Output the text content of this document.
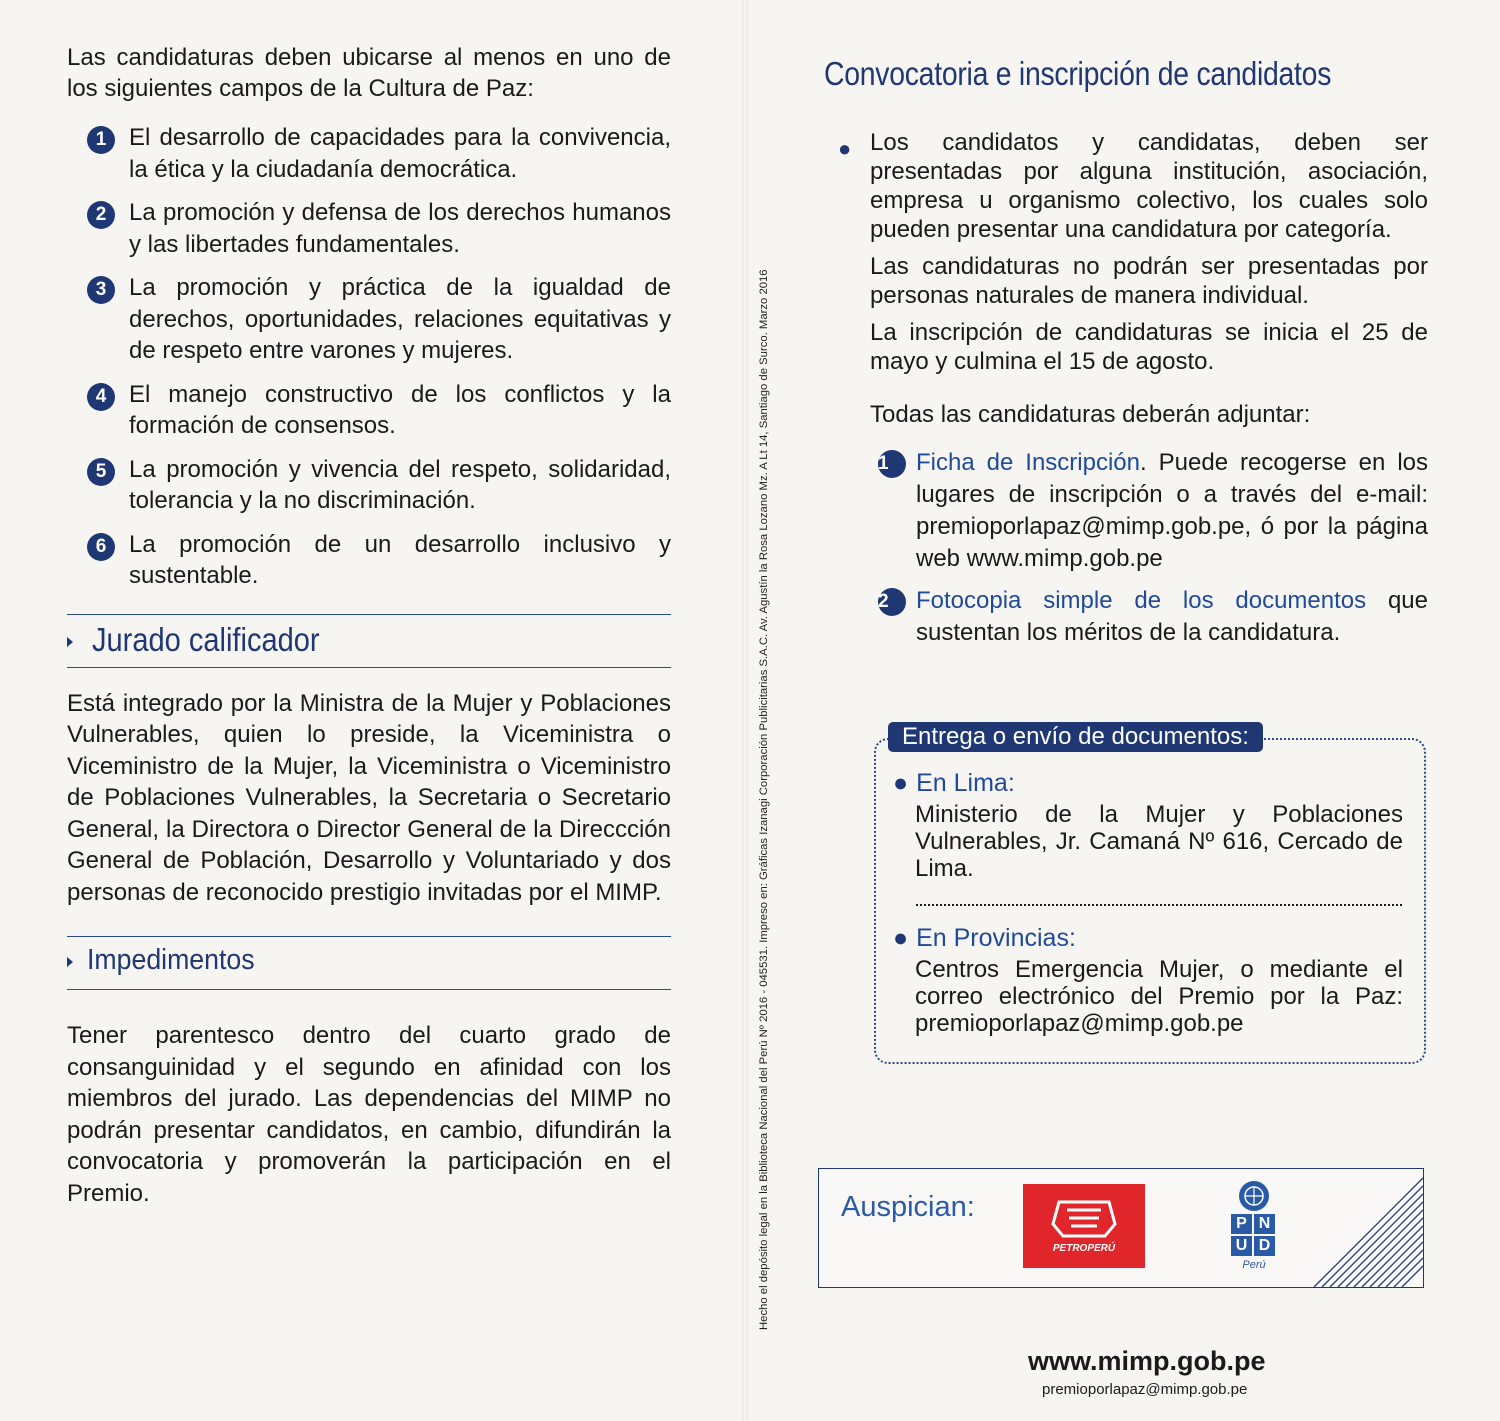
Las candidaturas deben ubicarse al menos en uno de los siguientes campos de la Cultura de Paz:

1 El desarrollo de capacidades para la convivencia, la ética y la ciudadanía democrática.
2 La promoción y defensa de los derechos humanos y las libertades fundamentales.
3 La promoción y práctica de la igualdad de derechos, oportunidades, relaciones equitativas y de respeto entre varones y mujeres.
4 El manejo constructivo de los conflictos y la formación de consensos.
5 La promoción y vivencia del respeto, solidaridad, tolerancia y la no discriminación.
6 La promoción de un desarrollo inclusivo y sustentable.
Jurado calificador

Está integrado por la Ministra de la Mujer y Poblaciones Vulnerables, quien lo preside, la Viceministra o Viceministro de la Mujer, la Viceministra o Viceministro de Poblaciones Vulnerables, la Secretaria o Secretario General, la Directora o Director General de la Direccción General de Población, Desarrollo y Voluntariado y dos personas de reconocido prestigio invitadas por el MIMP.

Impedimentos

Tener parentesco dentro del cuarto grado de consanguinidad y el segundo en afinidad con los miembros del jurado. Las dependencias del MIMP no podrán presentar candidatos, en cambio, difundirán la convocatoria y promoverán la participación en el Premio.	Hecho el depósito legal en la Biblioteca Nacional del Perú Nº 2016 - 045531. Impreso en: Gráficas Izanagi Corporación Publicitarias S.A.C. Av. Agustín la Rosa Lozano Mz. A Lt 14, Santiago de Surco. Marzo 2016
Convocatoria e inscripción de candidatos
● Los candidatos y candidatas, deben ser presentadas por alguna institución, asociación, empresa u organismo colectivo, los cuales solo pueden presentar una candidatura por categoría.

Las candidaturas no podrán ser presentadas por personas naturales de manera individual.

La inscripción de candidaturas se inicia el 25 de mayo y culmina el 15 de agosto.

Todas las candidaturas deberán adjuntar:

1	Ficha de Inscripción. Puede recogerse en los lugares de inscripción o a través del e-mail: premioporlapaz@mimp.gob.pe, ó por la página web www.mimp.gob.pe
2	Fotocopia simple de los documentos que sustentan los méritos de la candidatura.
Entrega o envío de documentos:
● En Lima:
Ministerio de la Mujer y Poblaciones Vulnerables, Jr. Camaná Nº 616, Cercado de Lima.
● En Provincias:
Centros Emergencia Mujer, o mediante el correo electrónico del Premio por la Paz: premioporlapaz@mimp.gob.pe
Auspician:
PETROPERÚ
P N
U D
Perú
www.mimp.gob.pe
premioporlapaz@mimp.gob.pe
